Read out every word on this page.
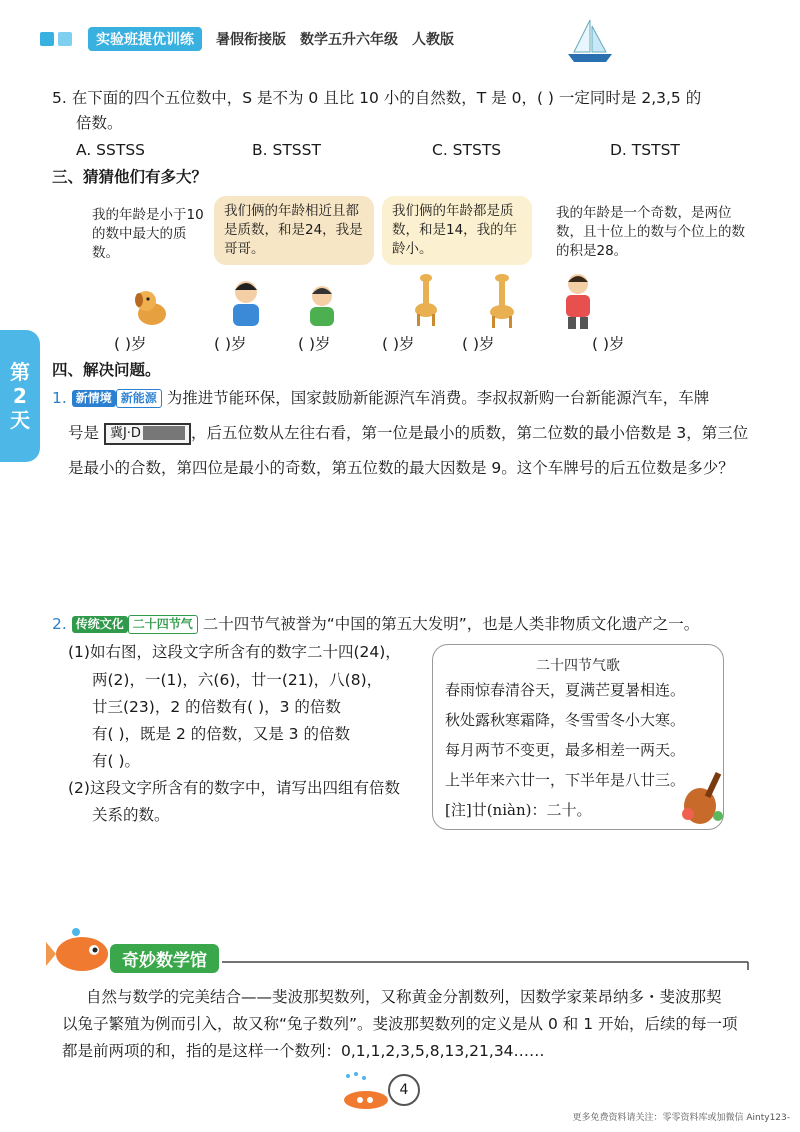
实验班提优训练	暑假衔接版 数学五升六年级 人教版
第
2
天
5. 在下面的四个五位数中，S 是不为 0 且比 10 小的自然数，T 是 0，( ) 一定同时是 2,3,5 的
倍数。
A. SSTSS	B. STSST	C. STSTS	D. TSTST
三、猜猜他们有多大？
我的年龄是小于10的数中最大的质数。
我们俩的年龄相近且都是质数，和是24，我是哥哥。
我们俩的年龄都是质数，和是14，我的年龄小。
我的年龄是一个奇数，是两位数，且十位上的数与个位上的数的积是28。
( )岁	( )岁	( )岁	( )岁	( )岁	( )岁
四、解决问题。
1. 新情境 新能源 为推进节能环保，国家鼓励新能源汽车消费。李叔叔新购一台新能源汽车，车牌
号是 冀J·D	，后五位数从左往右看，第一位是最小的质数，第二位数的最小倍数是 3，第三位
是最小的合数，第四位是最小的奇数，第五位数的最大因数是 9。这个车牌号的后五位数是多少？
2. 传统文化 二十四节气 二十四节气被誉为“中国的第五大发明”，也是人类非物质文化遗产之一。
(1)如右图，这段文字所含有的数字二十四(24)，
两(2)，一(1)，六(6)，廿一(21)，八(8)，
廿三(23)，2 的倍数有( )，3 的倍数
有( )，既是 2 的倍数，又是 3 的倍数
有( )。
(2)这段文字所含有的数字中，请写出四组有倍数
关系的数。
二十四节气歌
春雨惊春清谷天，夏满芒夏暑相连。
秋处露秋寒霜降，冬雪雪冬小大寒。
每月两节不变更，最多相差一两天。
上半年来六廿一，下半年是八廿三。
[注]廿(niàn)：二十。
奇妙数学馆
自然与数学的完美结合——斐波那契数列，又称黄金分割数列，因数学家莱昂纳多・斐波那契
以兔子繁殖为例而引入，故又称“兔子数列”。斐波那契数列的定义是从 0 和 1 开始，后续的每一项
都是前两项的和，指的是这样一个数列：0,1,1,2,3,5,8,13,21,34……
4
更多免费资料请关注：零零资料库或加微信 Ainty123-
